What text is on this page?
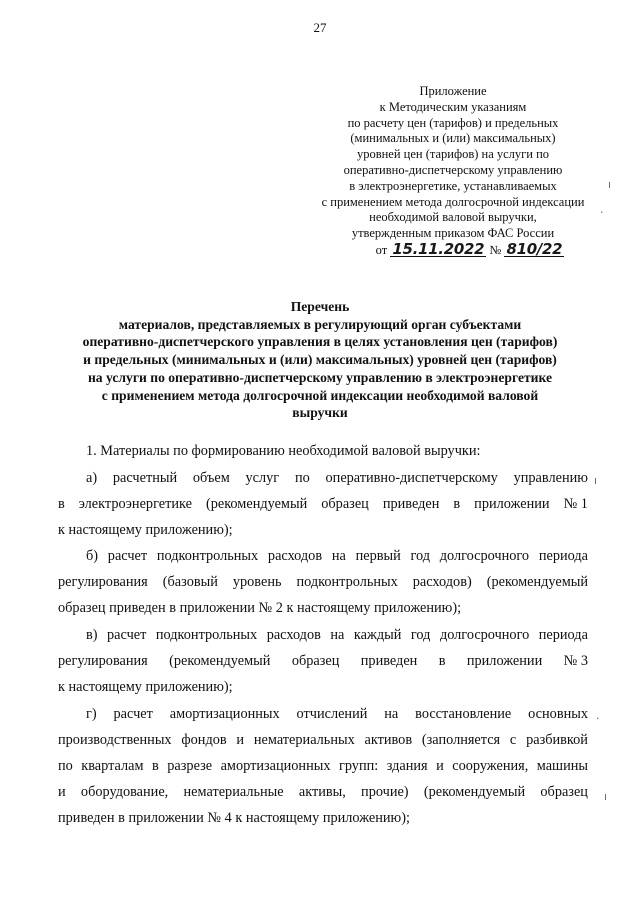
27
Приложение
к Методическим указаниям
по расчету цен (тарифов) и предельных
(минимальных и (или) максимальных)
уровней цен (тарифов) на услуги по
оперативно-диспетчерскому управлению
в электроэнергетике, устанавливаемых
с применением метода долгосрочной индексации
необходимой валовой выручки,
утвержденным приказом ФАС России
от 15.11.2022 № 810/22
Перечень
материалов, представляемых в регулирующий орган субъектами
оперативно-диспетчерского управления в целях установления цен (тарифов)
и предельных (минимальных и (или) максимальных) уровней цен (тарифов)
на услуги по оперативно-диспетчерскому управлению в электроэнергетике
с применением метода долгосрочной индексации необходимой валовой
выручки
1. Материалы по формированию необходимой валовой выручки:
а) расчетный объем услуг по оперативно-диспетчерскому управлению
в электроэнергетике (рекомендуемый образец приведен в приложении № 1
к настоящему приложению);
б) расчет подконтрольных расходов на первый год долгосрочного периода
регулирования (базовый уровень подконтрольных расходов) (рекомендуемый
образец приведен в приложении № 2 к настоящему приложению);
в) расчет подконтрольных расходов на каждый год долгосрочного периода
регулирования (рекомендуемый образец приведен в приложении № 3
к настоящему приложению);
г) расчет амортизационных отчислений на восстановление основных
производственных фондов и нематериальных активов (заполняется с разбивкой
по кварталам в разрезе амортизационных групп: здания и сооружения, машины
и оборудование, нематериальные активы, прочие) (рекомендуемый образец
приведен в приложении № 4 к настоящему приложению);
ı
·
ı
·
ı
